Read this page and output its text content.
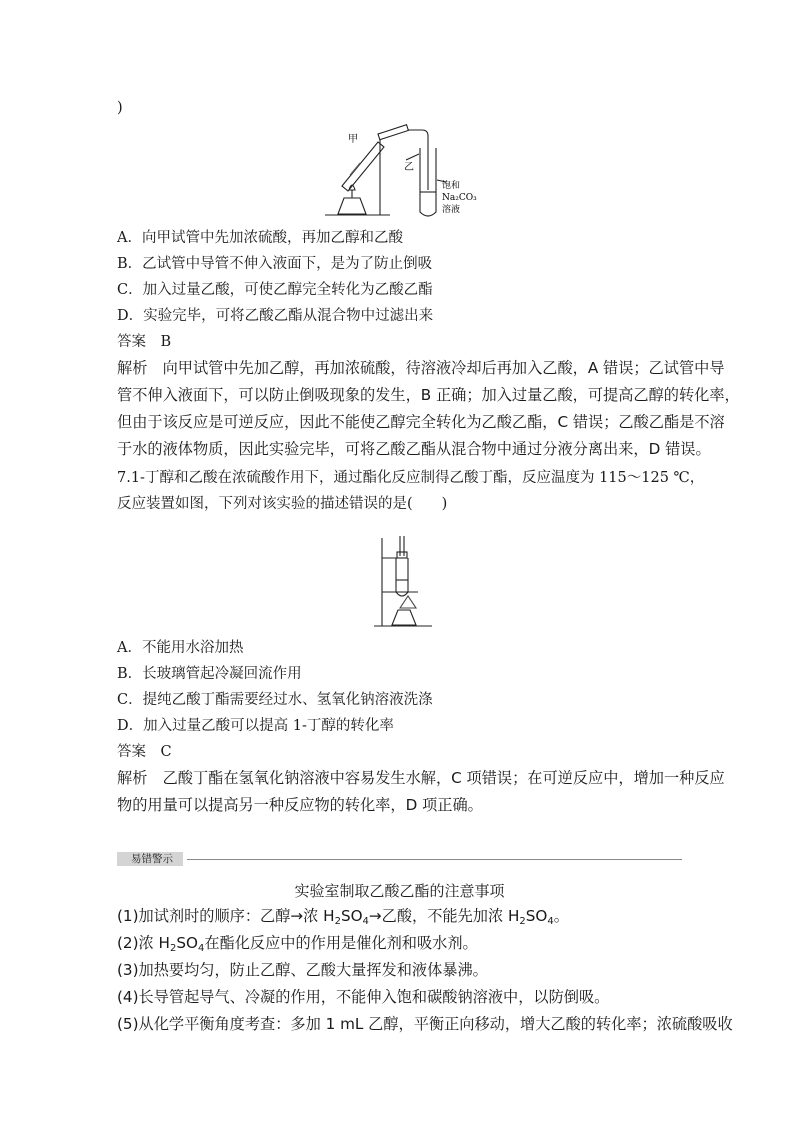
)
甲
乙
饱和
Na₂CO₃
溶液
A．向甲试管中先加浓硫酸，再加乙醇和乙酸
B．乙试管中导管不伸入液面下，是为了防止倒吸
C．加入过量乙酸，可使乙醇完全转化为乙酸乙酯
D．实验完毕，可将乙酸乙酯从混合物中过滤出来
答案　B
解析　向甲试管中先加乙醇，再加浓硫酸，待溶液冷却后再加入乙酸，A 错误；乙试管中导
管不伸入液面下，可以防止倒吸现象的发生，B 正确；加入过量乙酸，可提高乙醇的转化率，
但由于该反应是可逆反应，因此不能使乙醇完全转化为乙酸乙酯，C 错误；乙酸乙酯是不溶
于水的液体物质，因此实验完毕，可将乙酸乙酯从混合物中通过分液分离出来，D 错误。
7.1-丁醇和乙酸在浓硫酸作用下，通过酯化反应制得乙酸丁酯，反应温度为 115～125 ℃，
反应装置如图，下列对该实验的描述错误的是(　　)
A．不能用水浴加热
B．长玻璃管起冷凝回流作用
C．提纯乙酸丁酯需要经过水、氢氧化钠溶液洗涤
D．加入过量乙酸可以提高 1-丁醇的转化率
答案　C
解析　乙酸丁酯在氢氧化钠溶液中容易发生水解，C 项错误；在可逆反应中，增加一种反应
物的用量可以提高另一种反应物的转化率，D 项正确。
易错警示
实验室制取乙酸乙酯的注意事项
(1)加试剂时的顺序：乙醇→浓 $H_2SO_4\to$乙酸，不能先加浓 $H_2SO_4$。
(2)浓 $H_2SO_4$在酯化反应中的作用是催化剂和吸水剂。
(3)加热要均匀，防止乙醇、乙酸大量挥发和液体暴沸。
(4)长导管起导气、冷凝的作用，不能伸入饱和碳酸钠溶液中，以防倒吸。
(5)从化学平衡角度考查：多加 1 mL 乙醇，平衡正向移动，增大乙酸的转化率；浓硫酸吸收
